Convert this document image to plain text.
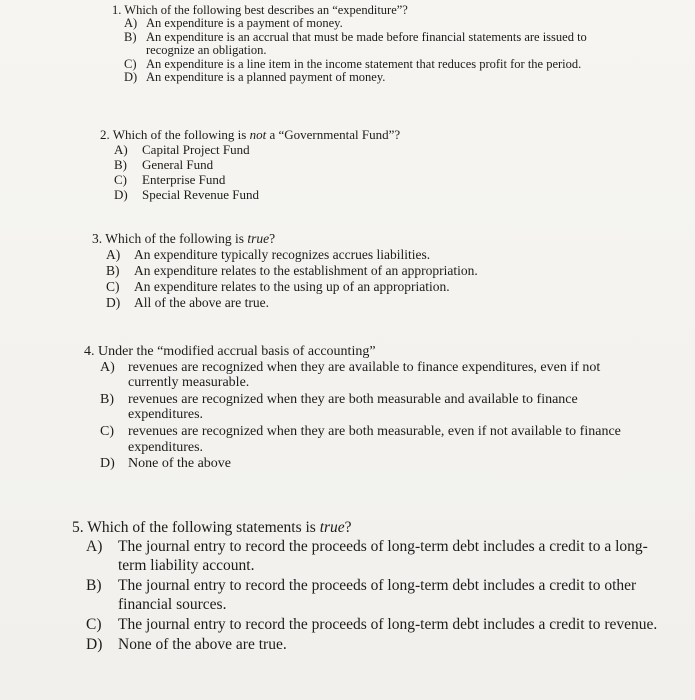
1. Which of the following best describes an “expenditure”?
A) An expenditure is a payment of money.
B) An expenditure is an accrual that must be made before financial statements are issued to recognize an obligation.
C) An expenditure is a line item in the income statement that reduces profit for the period.
D) An expenditure is a planned payment of money.
2. Which of the following is not a “Governmental Fund”?
A) Capital Project Fund
B) General Fund
C) Enterprise Fund
D) Special Revenue Fund
3. Which of the following is true?
A) An expenditure typically recognizes accrues liabilities.
B) An expenditure relates to the establishment of an appropriation.
C) An expenditure relates to the using up of an appropriation.
D) All of the above are true.
4. Under the “modified accrual basis of accounting”
A) revenues are recognized when they are available to finance expenditures, even if not currently measurable.
B) revenues are recognized when they are both measurable and available to finance expenditures.
C) revenues are recognized when they are both measurable, even if not available to finance expenditures.
D) None of the above
5. Which of the following statements is true?
A) The journal entry to record the proceeds of long-term debt includes a credit to a long-term liability account.
B) The journal entry to record the proceeds of long-term debt includes a credit to other financial sources.
C) The journal entry to record the proceeds of long-term debt includes a credit to revenue.
D) None of the above are true.
